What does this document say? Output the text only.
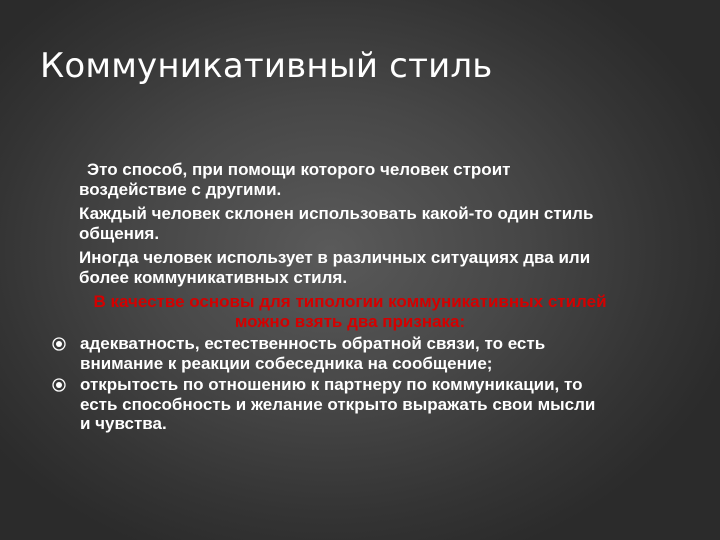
Коммуникативный стиль
Это способ, при помощи которого человек строит
воздействие с другими.
Каждый человек склонен использовать какой-то один стиль
общения.
Иногда человек использует в различных ситуациях два или
более коммуникативных стиля.
В качестве основы для типологии коммуникативных стилей
можно взять два признака:
адекватность, естественность обратной связи, то есть
внимание к реакции собеседника на сообщение;
открытость по отношению к партнеру по коммуникации, то
есть способность и желание открыто выражать свои мысли
и чувства.
